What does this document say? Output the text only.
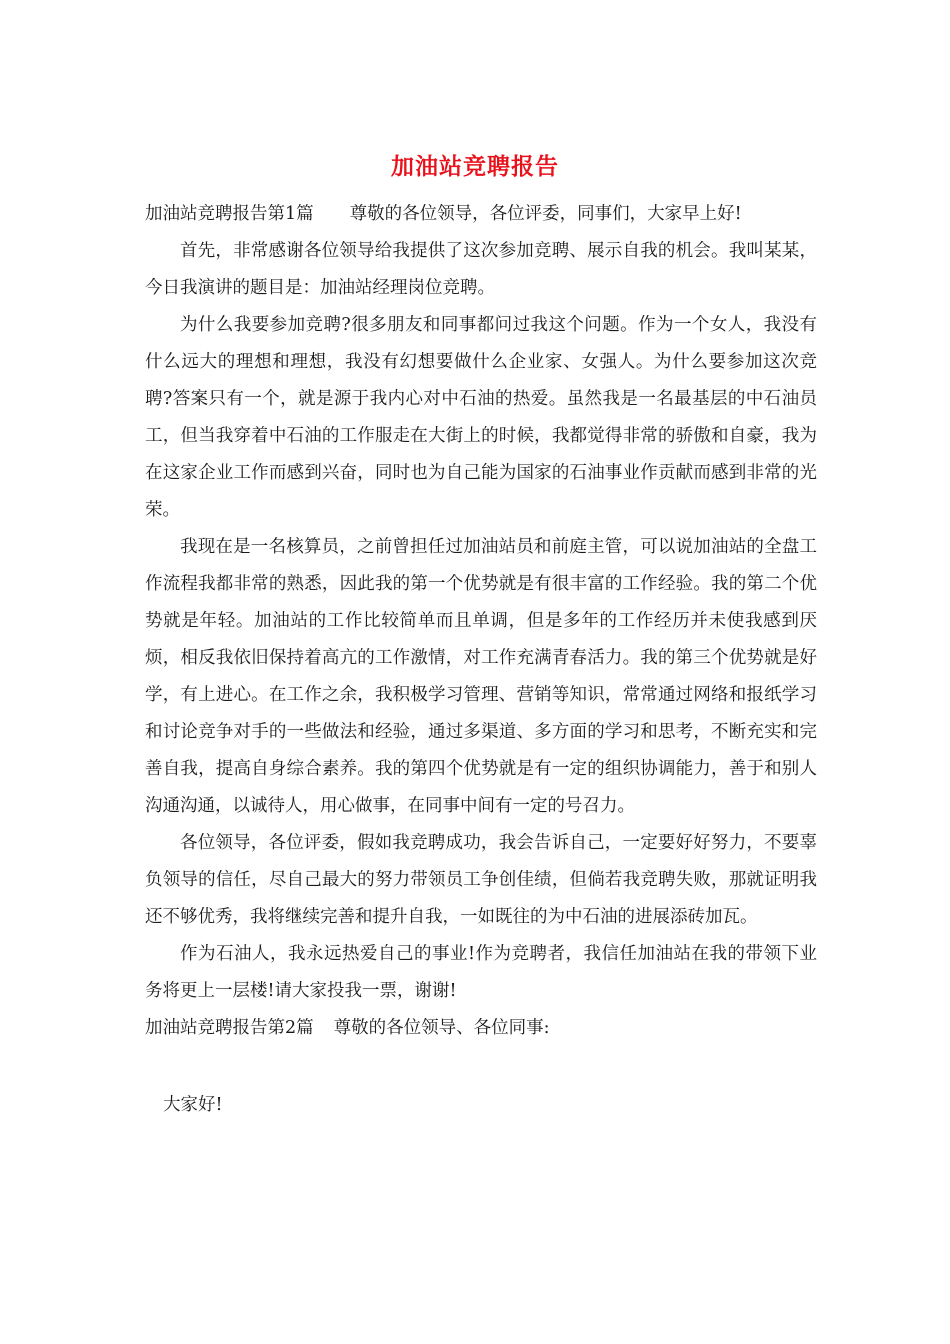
加油站竞聘报告

加油站竞聘报告第1篇 尊敬的各位领导，各位评委，同事们，大家早上好!

首先，非常感谢各位领导给我提供了这次参加竞聘、展示自我的机会。我叫某某，今日我演讲的题目是：加油站经理岗位竞聘。

为什么我要参加竞聘?很多朋友和同事都问过我这个问题。作为一个女人，我没有什么远大的理想和理想，我没有幻想要做什么企业家、女强人。为什么要参加这次竞聘?答案只有一个，就是源于我内心对中石油的热爱。虽然我是一名最基层的中石油员工，但当我穿着中石油的工作服走在大街上的时候，我都觉得非常的骄傲和自豪，我为在这家企业工作而感到兴奋，同时也为自己能为国家的石油事业作贡献而感到非常的光荣。

我现在是一名核算员，之前曾担任过加油站员和前庭主管，可以说加油站的全盘工作流程我都非常的熟悉，因此我的第一个优势就是有很丰富的工作经验。我的第二个优势就是年轻。加油站的工作比较简单而且单调，但是多年的工作经历并未使我感到厌烦，相反我依旧保持着高亢的工作激情，对工作充满青春活力。我的第三个优势就是好学，有上进心。在工作之余，我积极学习管理、营销等知识，常常通过网络和报纸学习和讨论竞争对手的一些做法和经验，通过多渠道、多方面的学习和思考，不断充实和完善自我，提高自身综合素养。我的第四个优势就是有一定的组织协调能力，善于和别人沟通沟通，以诚待人，用心做事，在同事中间有一定的号召力。

各位领导，各位评委，假如我竞聘成功，我会告诉自己，一定要好好努力，不要辜负领导的信任，尽自己最大的努力带领员工争创佳绩，但倘若我竞聘失败，那就证明我还不够优秀，我将继续完善和提升自我，一如既往的为中石油的进展添砖加瓦。

作为石油人，我永远热爱自己的事业!作为竞聘者，我信任加油站在我的带领下业务将更上一层楼!请大家投我一票，谢谢!

加油站竞聘报告第2篇 尊敬的各位领导、各位同事:

大家好!
